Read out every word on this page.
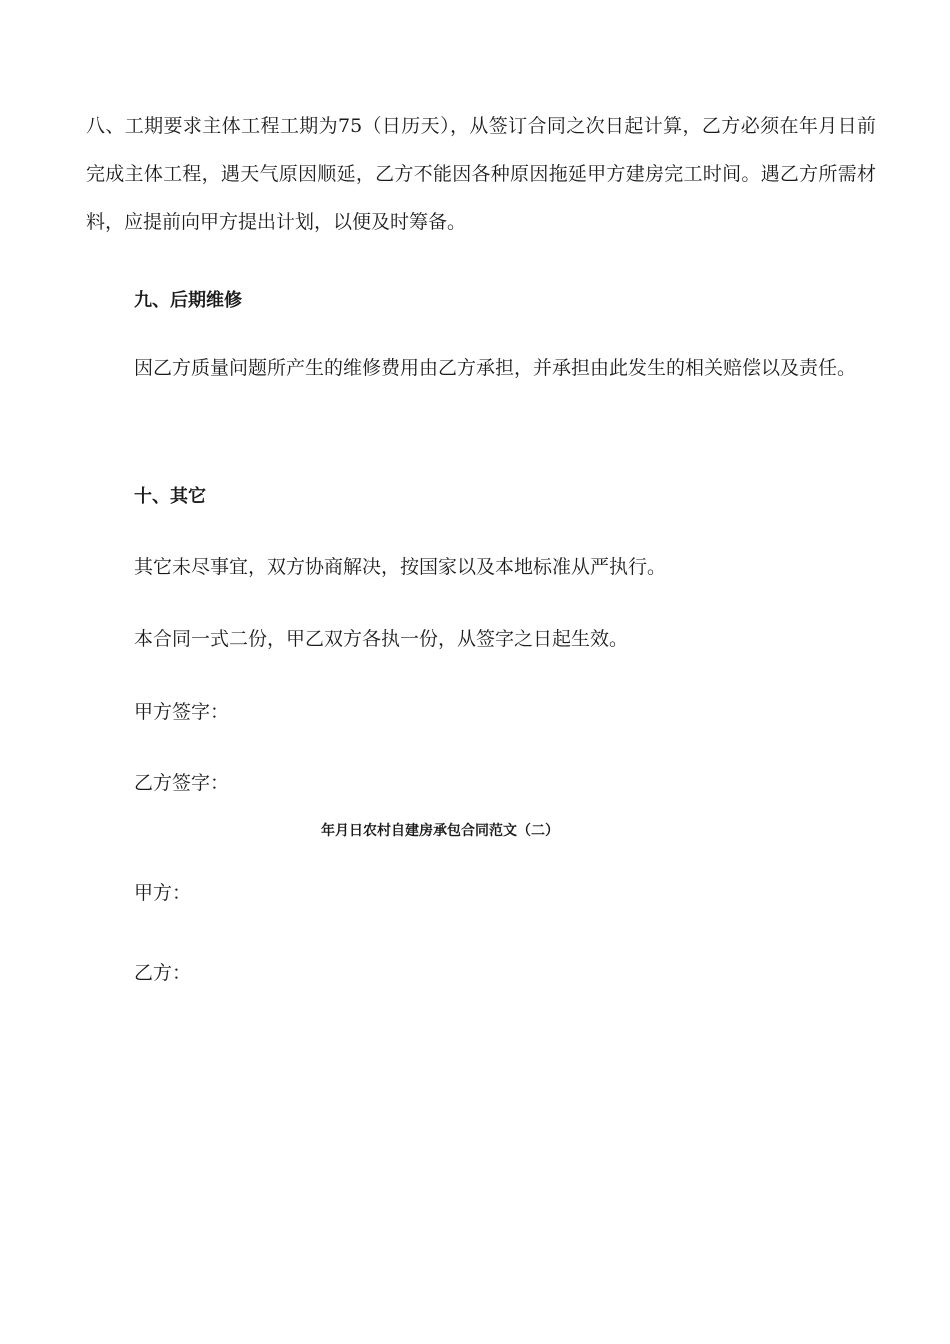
八、工期要求主体工程工期为75（日历天），从签订合同之次日起计算，乙方必须在年月日前完成主体工程，遇天气原因顺延，乙方不能因各种原因拖延甲方建房完工时间。遇乙方所需材料，应提前向甲方提出计划，以便及时筹备。
九、后期维修
因乙方质量问题所产生的维修费用由乙方承担，并承担由此发生的相关赔偿以及责任。
十、其它
其它未尽事宜，双方协商解决，按国家以及本地标准从严执行。
本合同一式二份，甲乙双方各执一份，从签字之日起生效。
甲方签字：
乙方签字：
年月日农村自建房承包合同范文（二）
甲方：
乙方：
